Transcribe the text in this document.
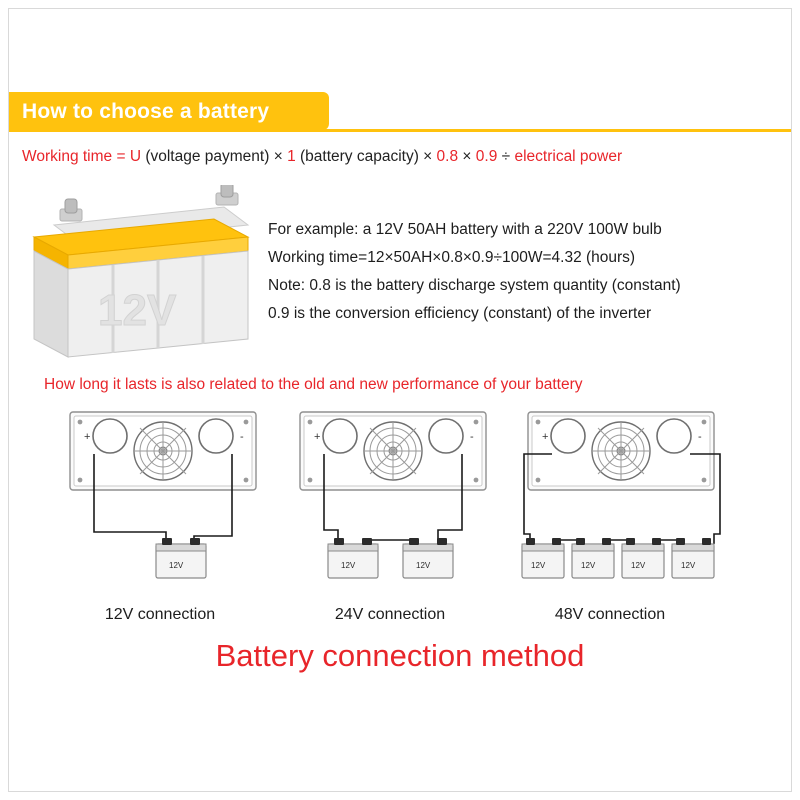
How to choose a battery
Working time = U (voltage payment) × 1 (battery capacity) × 0.8 × 0.9 ÷ electrical power
12V
For example: a 12V 50AH battery with a 220V 100W bulb
Working time=12×50AH×0.8×0.9÷100W=4.32 (hours)
Note: 0.8 is the battery discharge system quantity (constant)
0.9 is the conversion efficiency (constant) of the inverter
How long it lasts is also related to the old and new performance of your battery
+	-
12V
+	-
12V	12V
+	-
12V	12V	12V	12V
12V connection	24V connection	48V connection
Battery connection method
